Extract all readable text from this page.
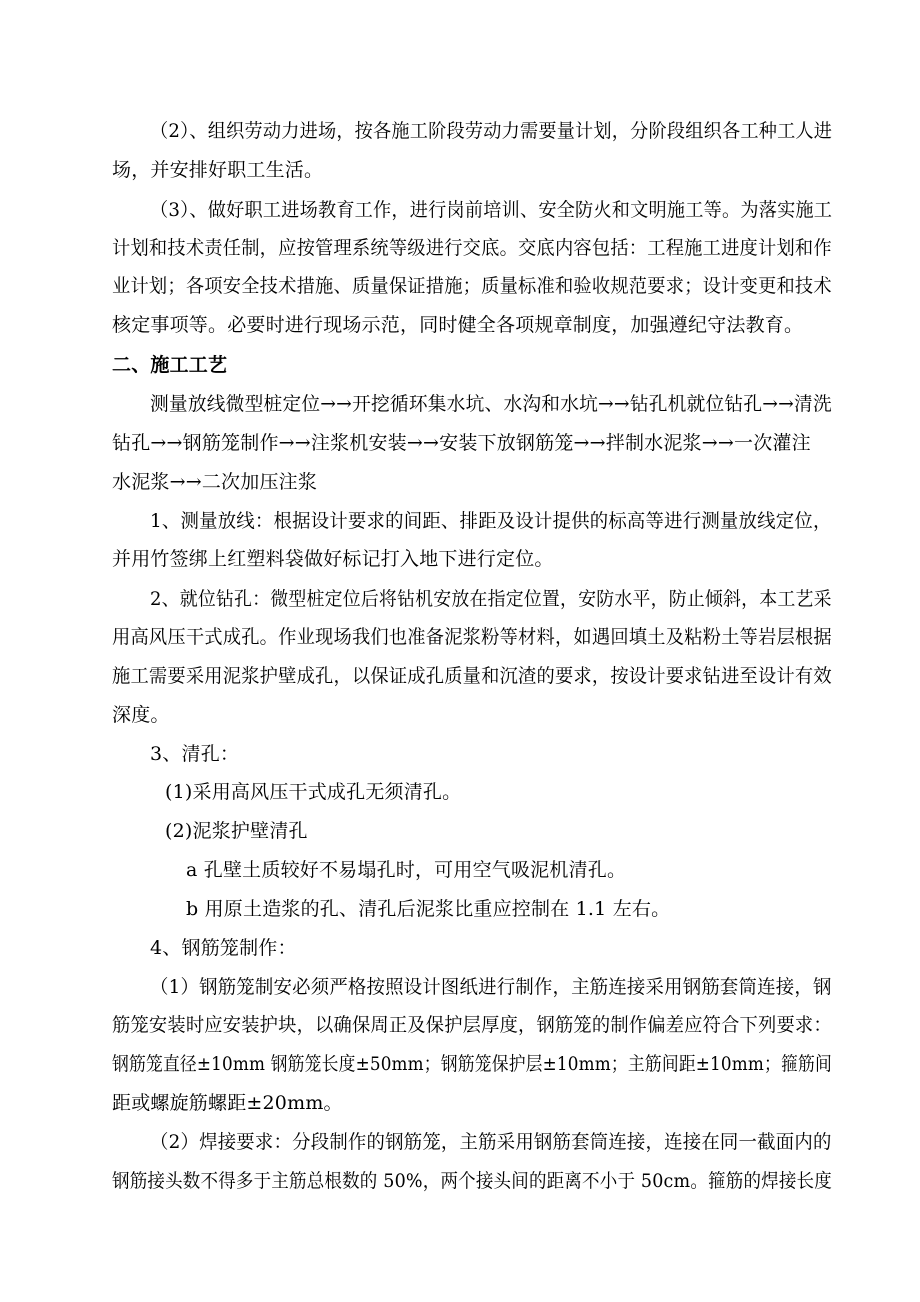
（2）、组织劳动力进场，按各施工阶段劳动力需要量计划，分阶段组织各工种工人进
场，并安排好职工生活。
（3）、做好职工进场教育工作，进行岗前培训、安全防火和文明施工等。为落实施工
计划和技术责任制，应按管理系统等级进行交底。交底内容包括：工程施工进度计划和作
业计划；各项安全技术措施、质量保证措施；质量标准和验收规范要求；设计变更和技术
核定事项等。必要时进行现场示范，同时健全各项规章制度，加强遵纪守法教育。
二、施工工艺
测量放线微型桩定位→→开挖循环集水坑、水沟和水坑→→钻孔机就位钻孔→→清洗
钻孔→→钢筋笼制作→→注浆机安装→→安装下放钢筋笼→→拌制水泥浆→→一次灌注
水泥浆→→二次加压注浆
1、测量放线：根据设计要求的间距、排距及设计提供的标高等进行测量放线定位，
并用竹签绑上红塑料袋做好标记打入地下进行定位。
2、就位钻孔：微型桩定位后将钻机安放在指定位置，安防水平，防止倾斜，本工艺采
用高风压干式成孔。作业现场我们也准备泥浆粉等材料，如遇回填土及粘粉土等岩层根据
施工需要采用泥浆护壁成孔，以保证成孔质量和沉渣的要求，按设计要求钻进至设计有效
深度。
3、清孔：
(1)采用高风压干式成孔无须清孔。
(2)泥浆护壁清孔
a 孔壁土质较好不易塌孔时，可用空气吸泥机清孔。
b 用原土造浆的孔、清孔后泥浆比重应控制在 1.1 左右。
4、钢筋笼制作：
（1）钢筋笼制安必须严格按照设计图纸进行制作，主筋连接采用钢筋套筒连接，钢
筋笼安装时应安装护块，以确保周正及保护层厚度，钢筋笼的制作偏差应符合下列要求：
钢筋笼直径±10mm 钢筋笼长度±50mm；钢筋笼保护层±10mm；主筋间距±10mm；箍筋间
距或螺旋筋螺距±20mm。
（2）焊接要求：分段制作的钢筋笼，主筋采用钢筋套筒连接，连接在同一截面内的
钢筋接头数不得多于主筋总根数的 50%，两个接头间的距离不小于 50cm。箍筋的焊接长度
